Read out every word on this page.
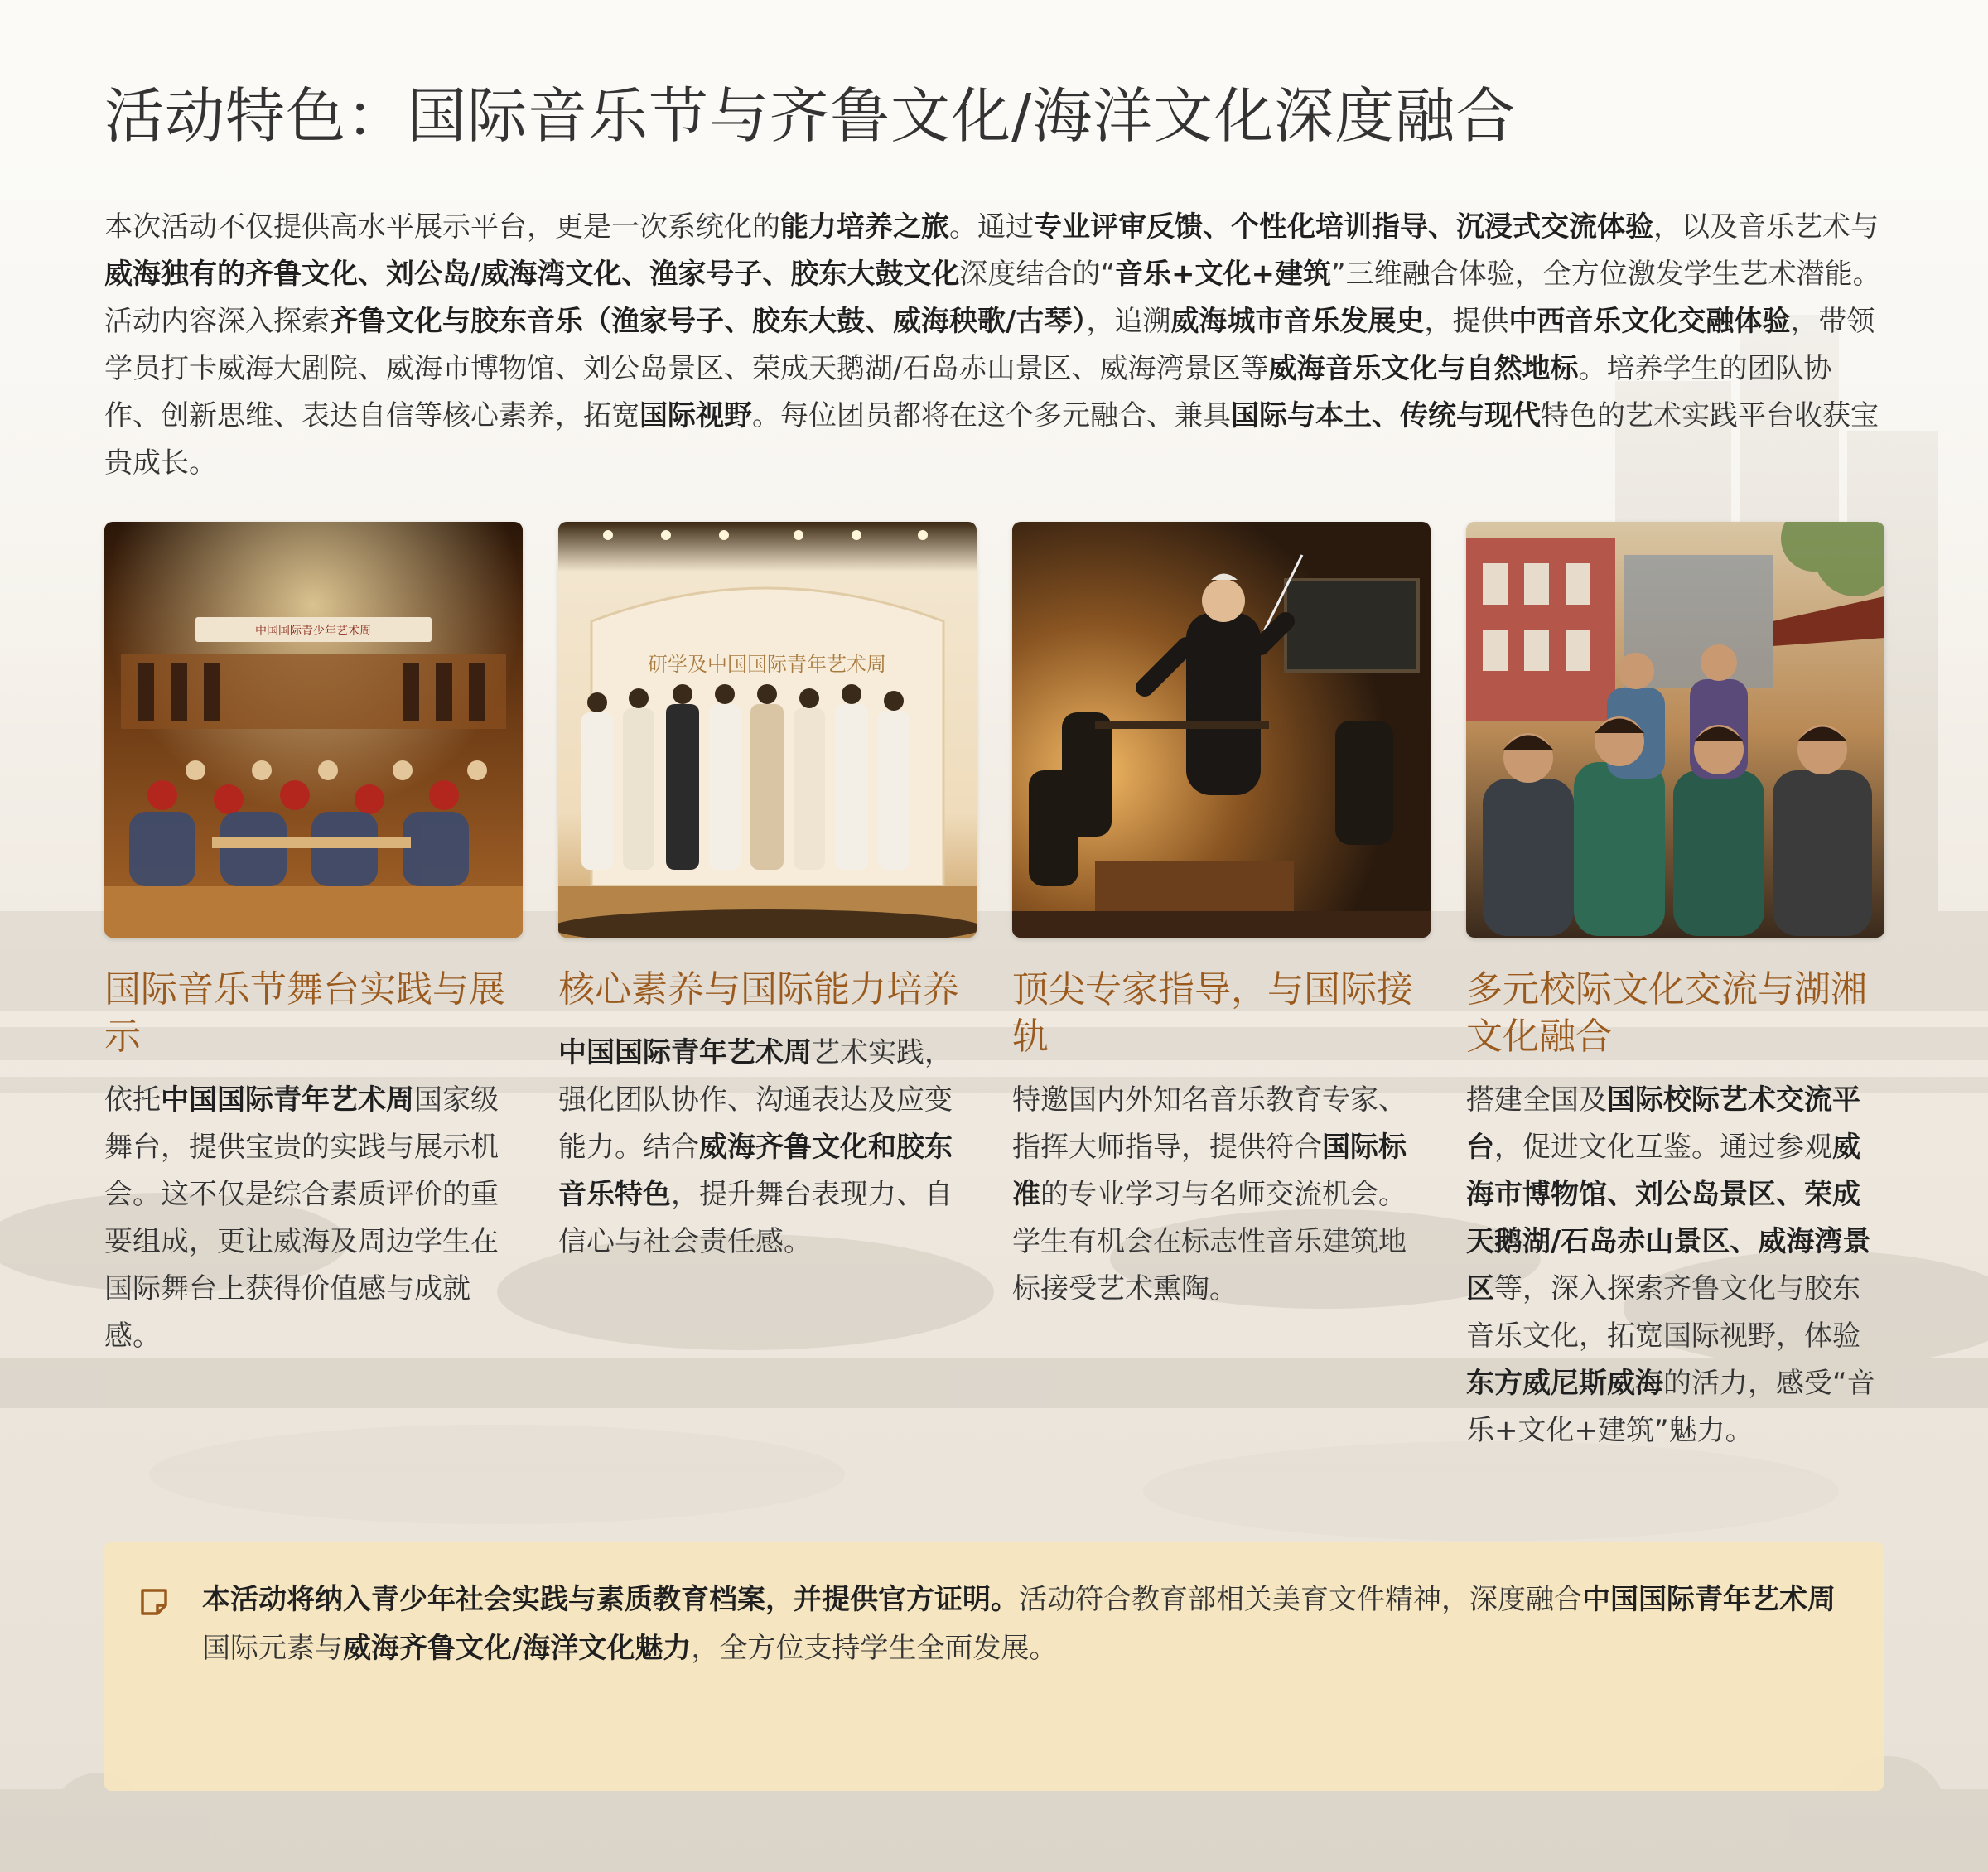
活动特色：国际音乐节与齐鲁文化/海洋文化深度融合

本次活动不仅提供高水平展示平台，更是一次系统化的能力培养之旅。通过专业评审反馈、个性化培训指导、沉浸式交流体验，以及音乐艺术与威海独有的齐鲁文化、刘公岛/威海湾文化、渔家号子、胶东大鼓文化深度结合的“音乐+文化+建筑”三维融合体验，全方位激发学生艺术潜能。活动内容深入探索齐鲁文化与胶东音乐（渔家号子、胶东大鼓、威海秧歌/古琴），追溯威海城市音乐发展史，提供中西音乐文化交融体验，带领学员打卡威海大剧院、威海市博物馆、刘公岛景区、荣成天鹅湖/石岛赤山景区、威海湾景区等威海音乐文化与自然地标。培养学生的团队协作、创新思维、表达自信等核心素养，拓宽国际视野。每位团员都将在这个多元融合、兼具国际与本土、传统与现代特色的艺术实践平台收获宝贵成长。

中国国际青少年艺术周
国际音乐节舞台实践与展示

依托中国国际青年艺术周国家级舞台，提供宝贵的实践与展示机会。这不仅是综合素质评价的重要组成，更让威海及周边学生在国际舞台上获得价值感与成就感。

研学及中国国际青年艺术周
核心素养与国际能力培养

中国国际青年艺术周艺术实践，强化团队协作、沟通表达及应变能力。结合威海齐鲁文化和胶东音乐特色，提升舞台表现力、自信心与社会责任感。

顶尖专家指导，与国际接轨

特邀国内外知名音乐教育专家、指挥大师指导，提供符合国际标准的专业学习与名师交流机会。学生有机会在标志性音乐建筑地标接受艺术熏陶。

多元校际文化交流与湖湘文化融合

搭建全国及国际校际艺术交流平台，促进文化互鉴。通过参观威海市博物馆、刘公岛景区、荣成天鹅湖/石岛赤山景区、威海湾景区等，深入探索齐鲁文化与胶东音乐文化，拓宽国际视野，体验东方威尼斯威海的活力，感受“音乐+文化+建筑”魅力。

本活动将纳入青少年社会实践与素质教育档案，并提供官方证明。活动符合教育部相关美育文件精神，深度融合中国国际青年艺术周国际元素与威海齐鲁文化/海洋文化魅力，全方位支持学生全面发展。
